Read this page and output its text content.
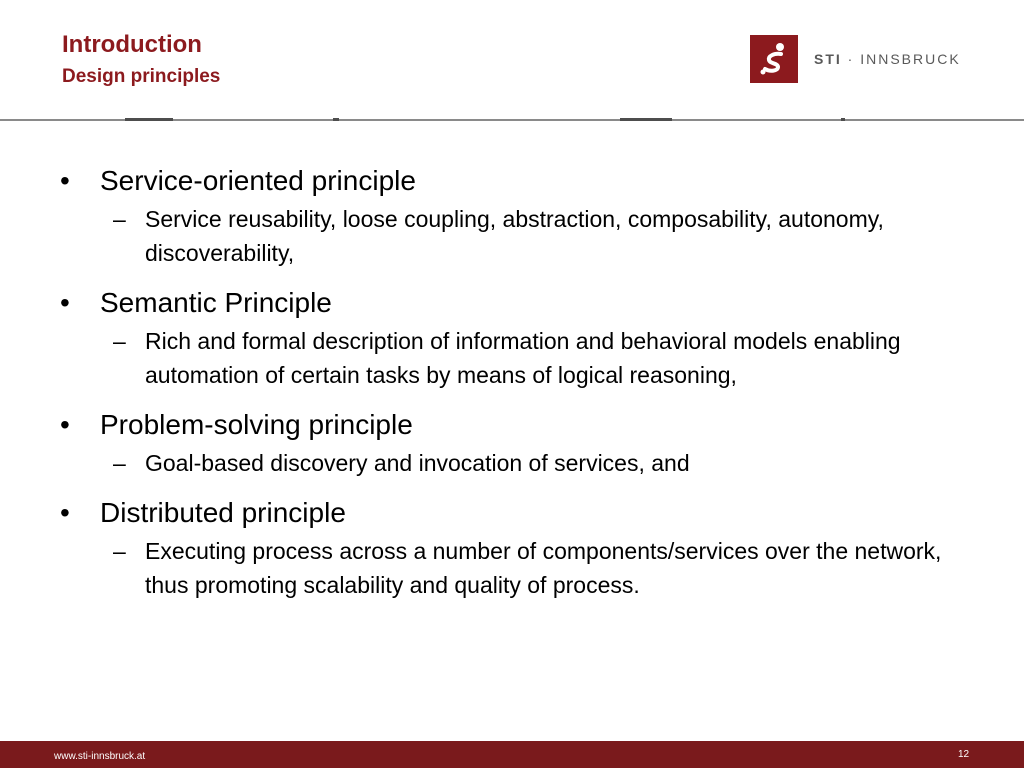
Introduction
Design principles
STI · INNSBRUCK

• Service-oriented principle

– Service reusability, loose coupling, abstraction, composability, autonomy, discoverability,

• Semantic Principle

– Rich and formal description of information and behavioral models enabling automation of certain tasks by means of logical reasoning,

• Problem-solving principle

– Goal-based discovery and invocation of services, and

• Distributed principle

– Executing process across a number of components/services over the network, thus promoting scalability and quality of process.

www.sti-innsbruck.at	12
